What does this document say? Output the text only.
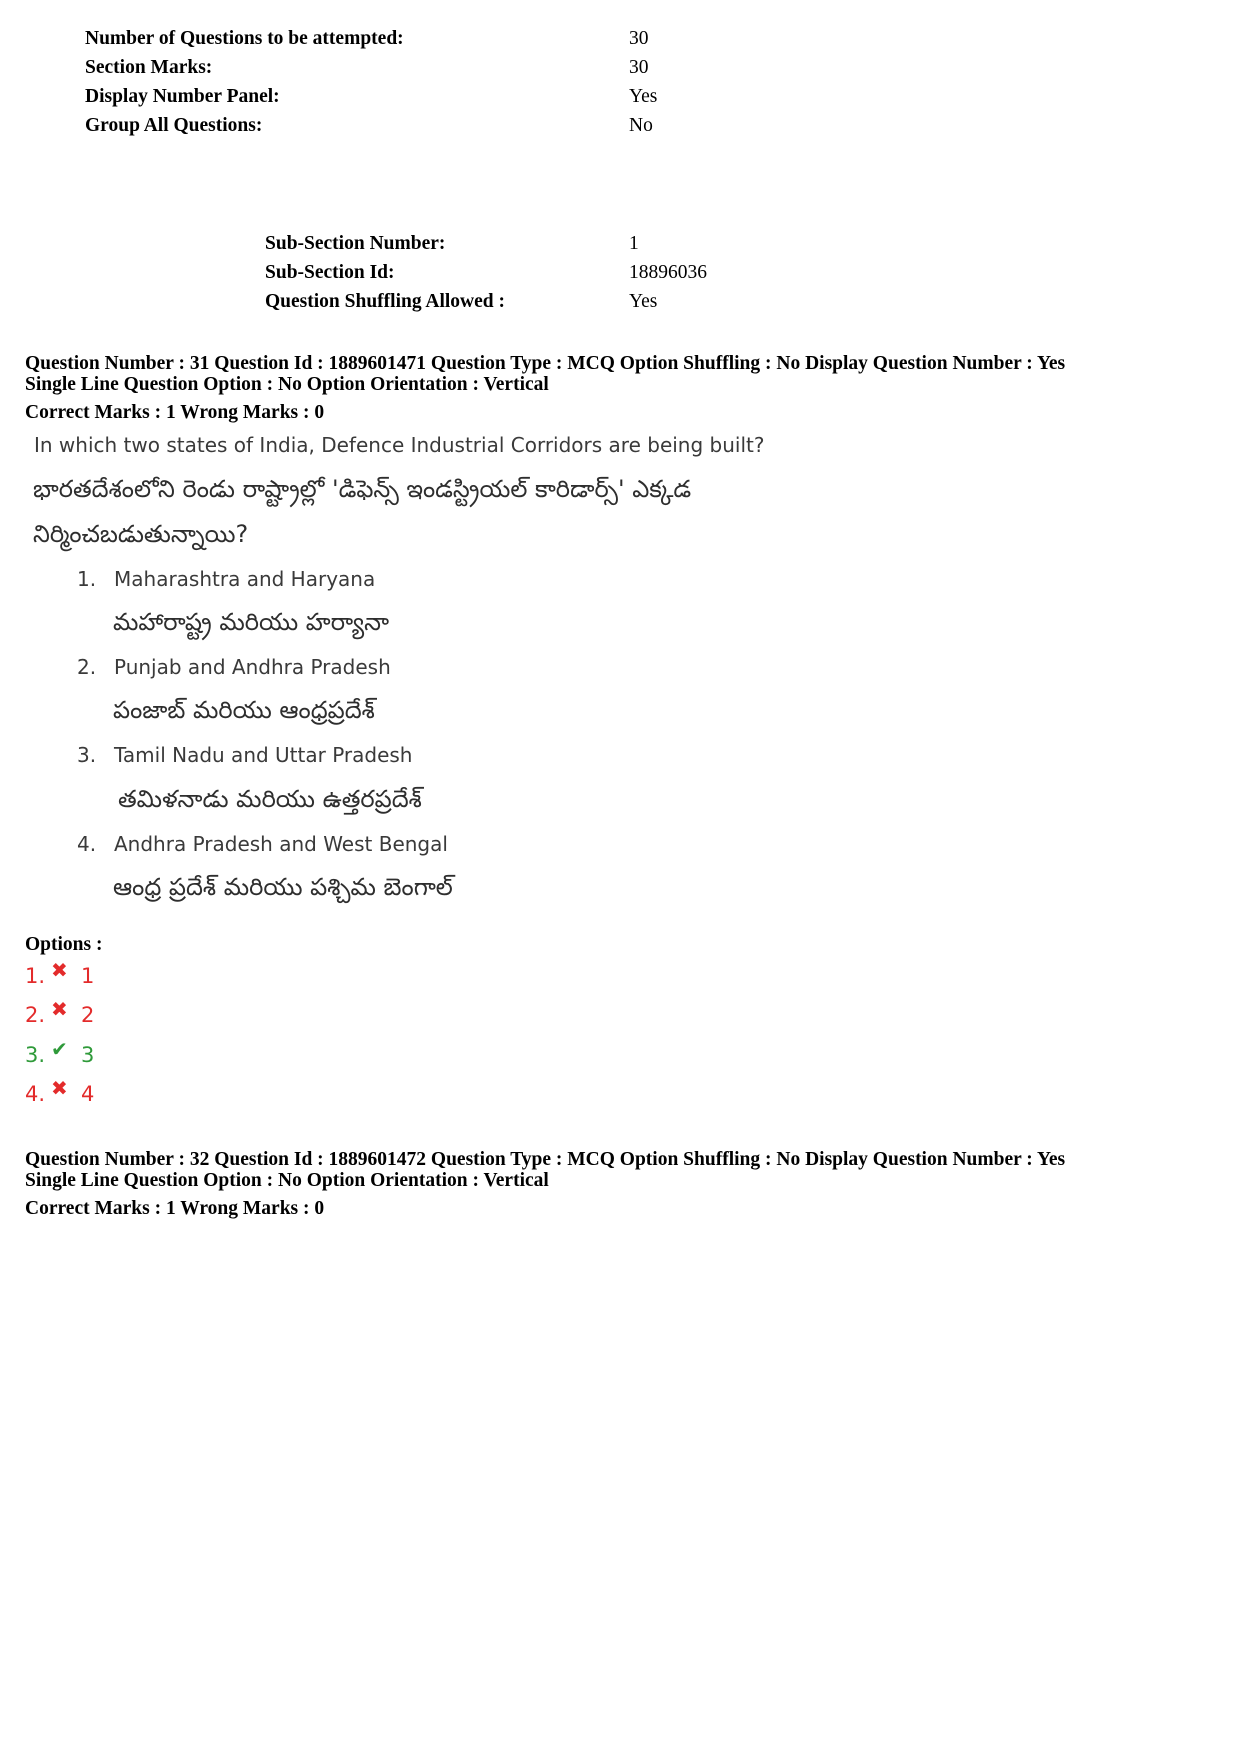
Number of Questions to be attempted:	30
Section Marks:	30
Display Number Panel:	Yes
Group All Questions:	No
Sub-Section Number:	1
Sub-Section Id:	18896036
Question Shuffling Allowed :	Yes
Question Number : 31 Question Id : 1889601471 Question Type : MCQ Option Shuffling : No Display Question Number : Yes
Single Line Question Option : No Option Orientation : Vertical
Correct Marks : 1 Wrong Marks : 0
In which two states of India, Defence Industrial Corridors are being built?
భారతదేశంలోని రెండు రాష్ట్రాల్లో 'డిఫెన్స్ ఇండస్ట్రియల్ కారిడార్స్' ఎక్కడ
నిర్మించబడుతున్నాయి?
1. Maharashtra and Haryana
మహారాష్ట్ర మరియు హర్యానా
2. Punjab and Andhra Pradesh
పంజాబ్ మరియు ఆంధ్రప్రదేశ్
3. Tamil Nadu and Uttar Pradesh
తమిళనాడు మరియు ఉత్తరప్రదేశ్
4. Andhra Pradesh and West Bengal
ఆంధ్ర ప్రదేశ్ మరియు పశ్చిమ బెంగాల్
Options :
1. ✖ 1
2. ✖ 2
3. ✔ 3
4. ✖ 4
Question Number : 32 Question Id : 1889601472 Question Type : MCQ Option Shuffling : No Display Question Number : Yes
Single Line Question Option : No Option Orientation : Vertical
Correct Marks : 1 Wrong Marks : 0
